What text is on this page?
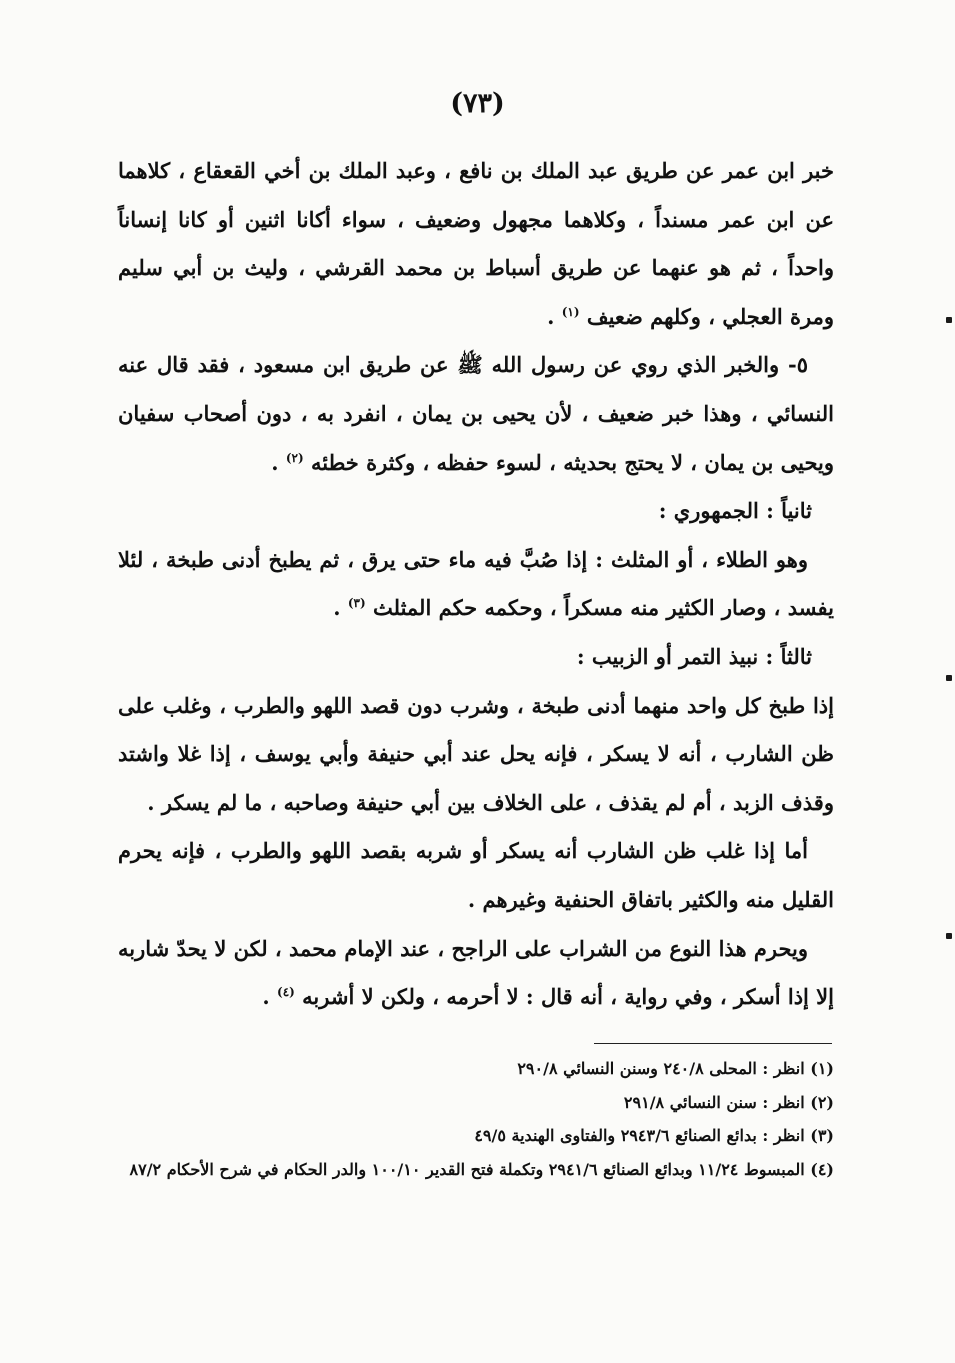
(٧٣)

خبر ابن عمر عن طريق عبد الملك بن نافع ، وعبد الملك بن أخي القعقاع ، كلاهما عن ابن عمر مسنداً ، وكلاهما مجهول وضعيف ، سواء أكانا اثنين أو كانا إنساناً واحداً ، ثم هو عنهما عن طريق أسباط بن محمد القرشي ، وليث بن أبي سليم ومرة العجلي ، وكلهم ضعيف $^{(١)}$ .

٥- والخبر الذي روي عن رسول الله ﷺ عن طريق ابن مسعود ، فقد قال عنه النسائي ، وهذا خبر ضعيف ، لأن يحيى بن يمان ، انفرد به ، دون أصحاب سفيان ويحيى بن يمان ، لا يحتج بحديثه ، لسوء حفظه ، وكثرة خطئه $^{(٢)}$ .

ثانياً : الجمهوري :

وهو الطلاء ، أو المثلث : إذا صُبَّ فيه ماء حتى يرق ، ثم يطبخ أدنى طبخة ، لئلا يفسد ، وصار الكثير منه مسكراً ، وحكمه حكم المثلث $^{(٣)}$ .

ثالثاً : نبيذ التمر أو الزبيب :

إذا طبخ كل واحد منهما أدنى طبخة ، وشرب دون قصد اللهو والطرب ، وغلب على ظن الشارب ، أنه لا يسكر ، فإنه يحل عند أبي حنيفة وأبي يوسف ، إذا غلا واشتد وقذف الزبد ، أم لم يقذف ، على الخلاف بين أبي حنيفة وصاحبه ، ما لم يسكر .

أما إذا غلب ظن الشارب أنه يسكر أو شربه بقصد اللهو والطرب ، فإنه يحرم القليل منه والكثير باتفاق الحنفية وغيرهم .

ويحرم هذا النوع من الشراب على الراجح ، عند الإمام محمد ، لكن لا يحدّ شاربه إلا إذا أسكر ، وفي رواية ، أنه قال : لا أحرمه ، ولكن لا أشربه $^{(٤)}$ .

(١) انظر : المحلى ٢٤٠/٨ وسنن النسائي ٢٩٠/٨

(٢) انظر : سنن النسائي ٢٩١/٨

(٣) انظر : بدائع الصنائع ٢٩٤٣/٦ والفتاوى الهندية ٤٩/٥

(٤) المبسوط ١١/٢٤ وبدائع الصنائع ٢٩٤١/٦ وتكملة فتح القدير ١٠٠/١٠ والدر الحكام في شرح الأحكام ٨٧/٢
